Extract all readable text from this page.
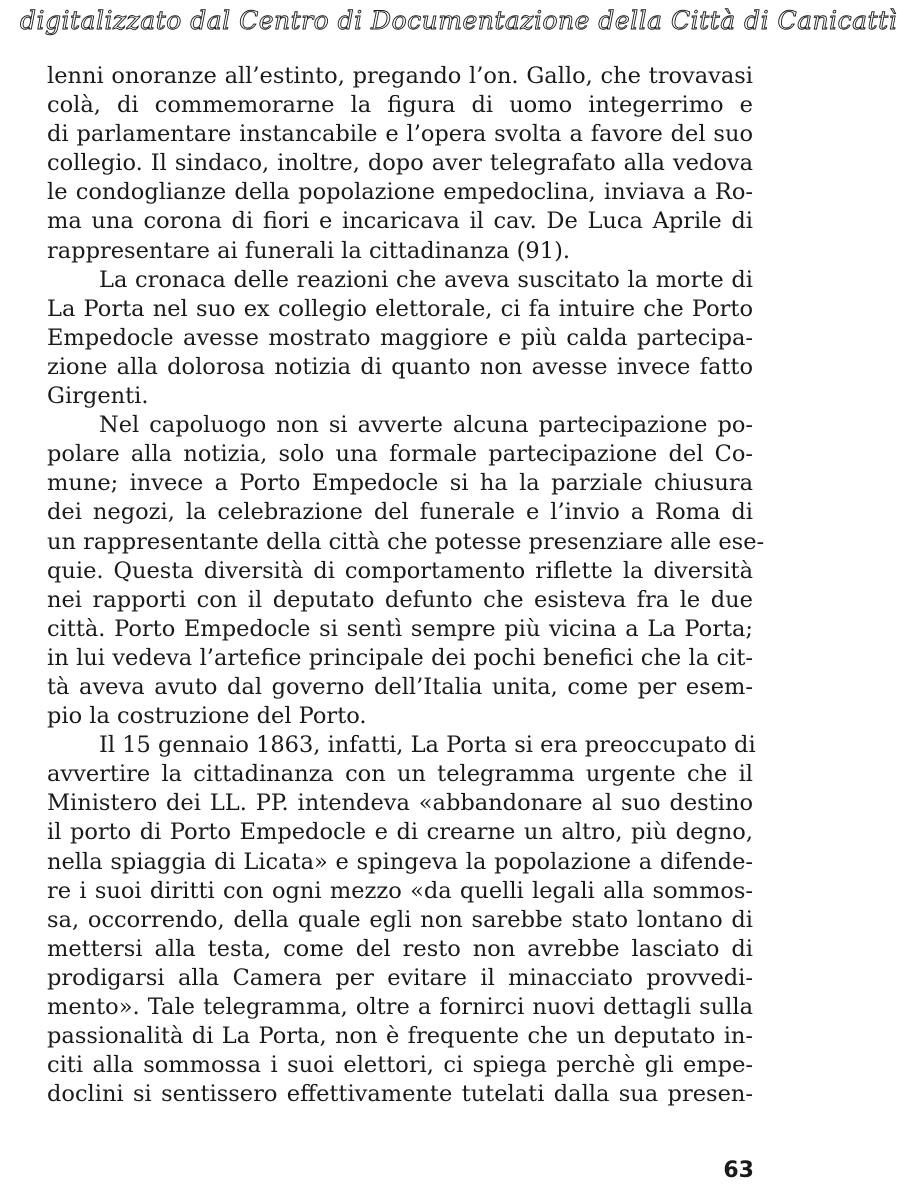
digitalizzato dal Centro di Documentazione della Città di Canicattì
lenni onoranze all’estinto, pregando l’on. Gallo, che trovavasi
colà, di commemorarne la figura di uomo integerrimo e
di parlamentare instancabile e l’opera svolta a favore del suo
collegio. Il sindaco, inoltre, dopo aver telegrafato alla vedova
le condoglianze della popolazione empedoclina, inviava a Ro-
ma una corona di fiori e incaricava il cav. De Luca Aprile di
rappresentare ai funerali la cittadinanza (91).
La cronaca delle reazioni che aveva suscitato la morte di
La Porta nel suo ex collegio elettorale, ci fa intuire che Porto
Empedocle avesse mostrato maggiore e più calda partecipa-
zione alla dolorosa notizia di quanto non avesse invece fatto
Girgenti.
Nel capoluogo non si avverte alcuna partecipazione po-
polare alla notizia, solo una formale partecipazione del Co-
mune; invece a Porto Empedocle si ha la parziale chiusura
dei negozi, la celebrazione del funerale e l’invio a Roma di
un rappresentante della città che potesse presenziare alle ese-
quie. Questa diversità di comportamento riflette la diversità
nei rapporti con il deputato defunto che esisteva fra le due
città. Porto Empedocle si sentì sempre più vicina a La Porta;
in lui vedeva l’artefice principale dei pochi benefici che la cit-
tà aveva avuto dal governo dell’Italia unita, come per esem-
pio la costruzione del Porto.
Il 15 gennaio 1863, infatti, La Porta si era preoccupato di
avvertire la cittadinanza con un telegramma urgente che il
Ministero dei LL. PP. intendeva «abbandonare al suo destino
il porto di Porto Empedocle e di crearne un altro, più degno,
nella spiaggia di Licata» e spingeva la popolazione a difende-
re i suoi diritti con ogni mezzo «da quelli legali alla sommos-
sa, occorrendo, della quale egli non sarebbe stato lontano di
mettersi alla testa, come del resto non avrebbe lasciato di
prodigarsi alla Camera per evitare il minacciato provvedi-
mento». Tale telegramma, oltre a fornirci nuovi dettagli sulla
passionalità di La Porta, non è frequente che un deputato in-
citi alla sommossa i suoi elettori, ci spiega perchè gli empe-
doclini si sentissero effettivamente tutelati dalla sua presen-
63
